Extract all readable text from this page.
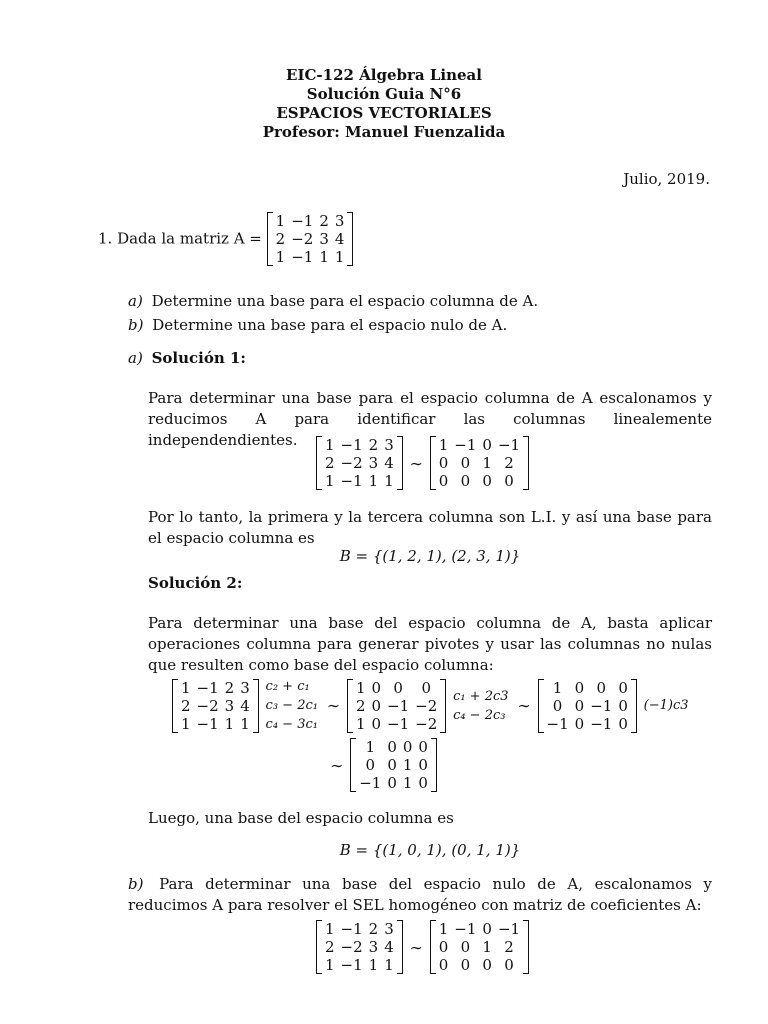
EIC-122 Álgebra Lineal
Solución Guia N°6
ESPACIOS VECTORIALES
Profesor: Manuel Fuenzalida
Julio, 2019.
1. Dada la matriz A =
1	−1	2	3
2	−2	3	4
1	−1	1	1
a) Determine una base para el espacio columna de A.
b) Determine una base para el espacio nulo de A.
a) Solución 1:
Para determinar una base para el espacio columna de A escalonamos y reducimos A para identificar las columnas linealemente independendientes.	1	−1	2	3
2	−2	3	4
1	−1	1	1
∼
1	−1	0	−1
0	0	1	2
0	0	0	0
Por lo tanto, la primera y la tercera columna son L.I. y así una base para el espacio columna es
B = {(1, 2, 1), (2, 3, 1)}
Solución 2:
Para determinar una base del espacio columna de A, basta aplicar operaciones columna para generar pivotes y usar las columnas no nulas que resulten como base del espacio columna:
1	−1	2	3
2	−2	3	4
1	−1	1	1

c₂ + c₁
c₃ − 2c₁
c₄ − 3c₁
∼
1	0	0	0
2	0	−1	−2
1	0	−1	−2

c₁ + 2c3
c₄ − 2c₃ ∼
1	0	0	0
0	0	−1	0
−1	0	−1	0
(−1)c3
∼
1	0	0	0
0	0	1	0
−1	0	1	0
Luego, una base del espacio columna es
B = {(1, 0, 1), (0, 1, 1)}
b) Para determinar una base del espacio nulo de A, escalonamos y reducimos A para resolver el SEL homogéneo con matriz de coeficientes A:
1	−1	2	3
2	−2	3	4
1	−1	1	1
∼
1	−1	0	−1
0	0	1	2
0	0	0	0
